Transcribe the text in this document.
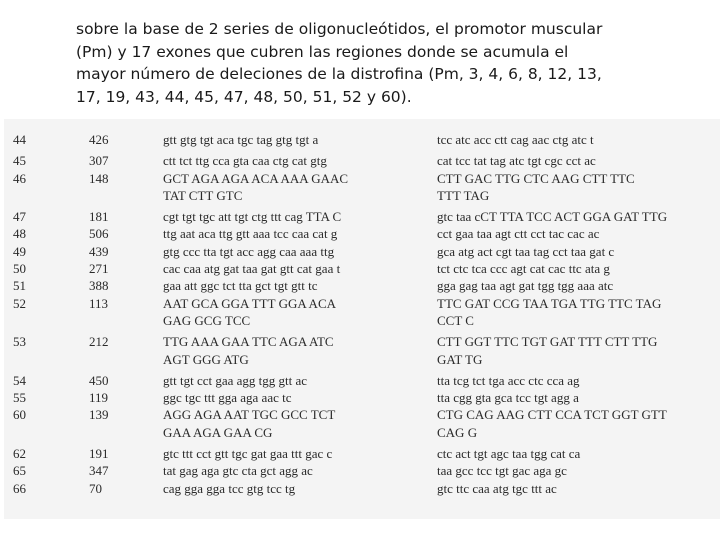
sobre la base de 2 series de oligonucleótidos, el promotor muscular
(Pm) y 17 exones que cubren las regiones donde se acumula el
mayor número de deleciones de la distrofina (Pm, 3, 4, 6, 8, 12, 13,
17, 19, 43, 44, 45, 47, 48, 50, 51, 52 y 60).
44	426	gtt gtg tgt aca tgc tag gtg tgt a	tcc atc acc ctt cag aac ctg atc t
45	307	ctt tct ttg cca gta caa ctg cat gtg	cat tcc tat tag atc tgt cgc cct ac
46	148	GCT AGA AGA ACA AAA GAAC	CTT GAC TTG CTC AAG CTT TTC
TAT CTT GTC	TTT TAG
47	181	cgt tgt tgc att tgt ctg ttt cag TTA C	gtc taa cCT TTA TCC ACT GGA GAT TTG
48	506	ttg aat aca ttg gtt aaa tcc caa cat g	cct gaa taa agt ctt cct tac cac ac
49	439	gtg ccc tta tgt acc agg caa aaa ttg	gca atg act cgt taa tag cct taa gat c
50	271	cac caa atg gat taa gat gtt cat gaa t	tct ctc tca ccc agt cat cac ttc ata g
51	388	gaa att ggc tct tta gct tgt gtt tc	gga gag taa agt gat tgg tgg aaa atc
52	113	AAT GCA GGA TTT GGA ACA	TTC GAT CCG TAA TGA TTG TTC TAG
GAG GCG TCC	CCT C
53	212	TTG AAA GAA TTC AGA ATC	CTT GGT TTC TGT GAT TTT CTT TTG
AGT GGG ATG	GAT TG
54	450	gtt tgt cct gaa agg tgg gtt ac	tta tcg tct tga acc ctc cca ag
55	119	ggc tgc ttt gga aga aac tc	tta cgg gta gca tcc tgt agg a
60	139	AGG AGA AAT TGC GCC TCT	CTG CAG AAG CTT CCA TCT GGT GTT
GAA AGA GAA CG	CAG G
62	191	gtc ttt cct gtt tgc gat gaa ttt gac c	ctc act tgt agc taa tgg cat ca
65	347	tat gag aga gtc cta gct agg ac	taa gcc tcc tgt gac aga gc
66	70	cag gga gga tcc gtg tcc tg	gtc ttc caa atg tgc ttt ac
